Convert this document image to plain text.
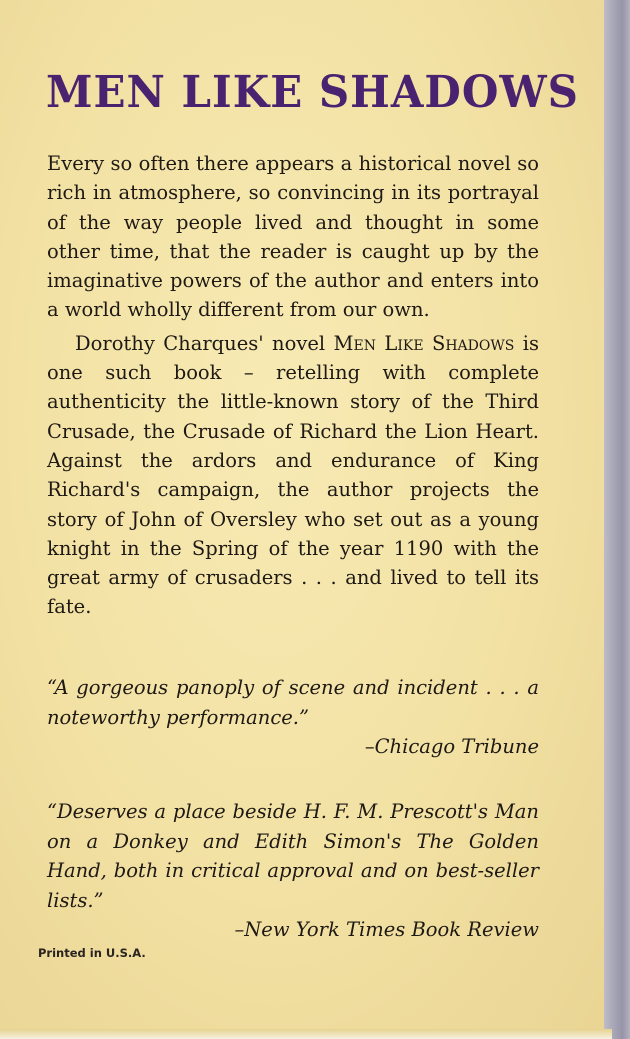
MEN LIKE SHADOWS

Every so often there appears a historical novel so rich in atmosphere, so convincing in its portrayal of the way people lived and thought in some other time, that the reader is caught up by the imaginative powers of the author and enters into a world wholly different from our own.

Dorothy Charques' novel Men Like Shadows is one such book – retelling with complete authenticity the little-known story of the Third Crusade, the Crusade of Richard the Lion Heart. Against the ardors and endurance of King Richard's campaign, the author projects the story of John of Oversley who set out as a young knight in the Spring of the year 1190 with the great army of crusaders . . . and lived to tell its fate.

“A gorgeous panoply of scene and incident . . . a noteworthy performance.”

–Chicago Tribune

“Deserves a place beside H. F. M. Prescott's Man on a Donkey and Edith Simon's The Golden Hand, both in critical approval and on best-seller lists.”

–New York Times Book Review

Printed in U.S.A.
